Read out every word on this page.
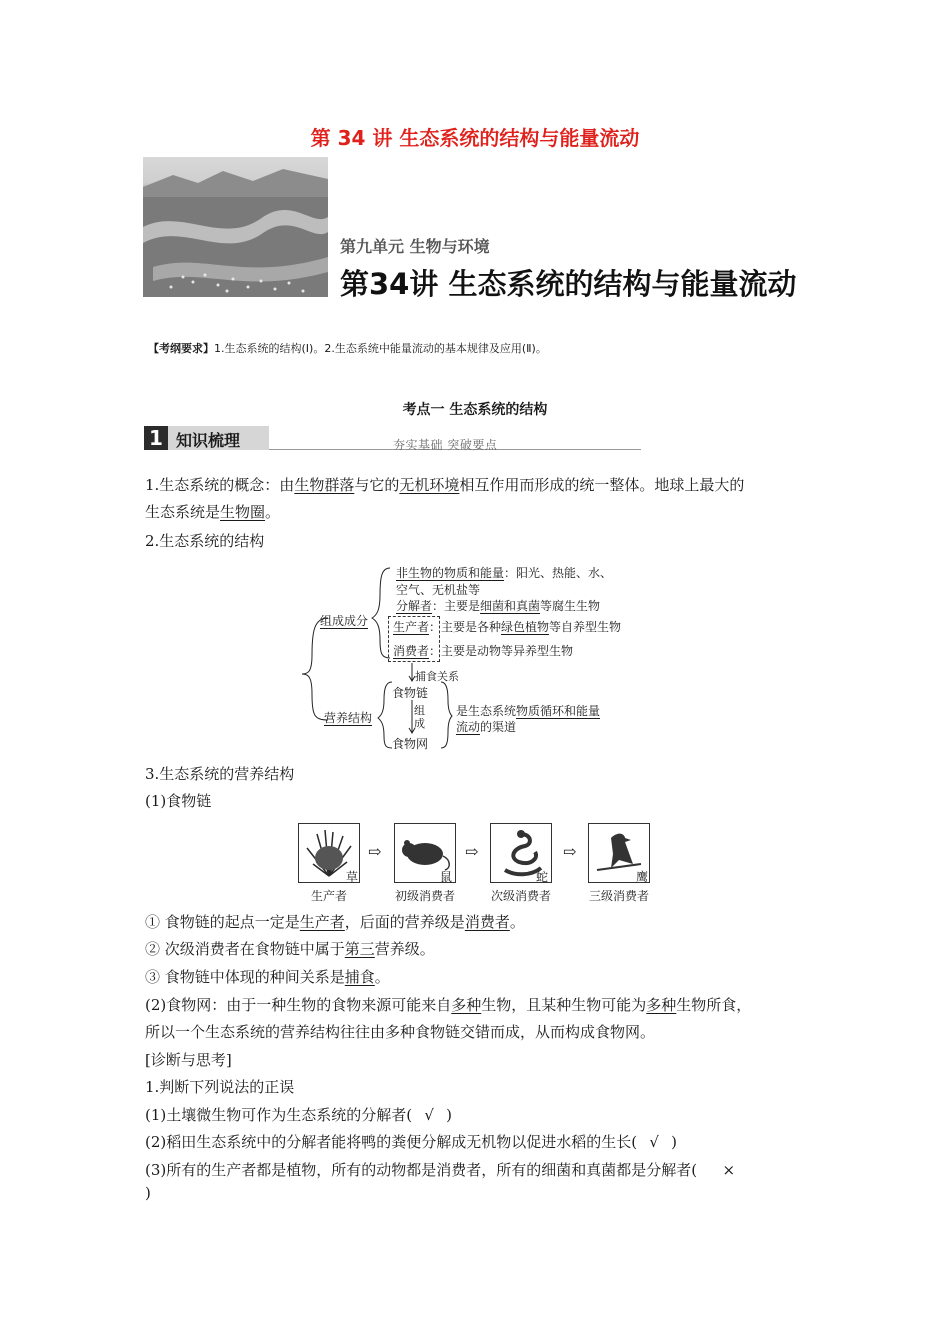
第 34 讲 生态系统的结构与能量流动
第九单元 生物与环境
第34讲 生态系统的结构与能量流动
【考纲要求】1.生态系统的结构(Ⅰ)。2.生态系统中能量流动的基本规律及应用(Ⅱ)。
考点一 生态系统的结构
1 知识梳理	夯实基础 突破要点
1.生态系统的概念：由生物群落与它的无机环境相互作用而形成的统一整体。地球上最大的
生态系统是生物圈。
2.生态系统的结构
组成成分
非生物的物质和能量：阳光、热能、水、
空气、无机盐等
分解者：主要是细菌和真菌等腐生生物
生产者：主要是各种绿色植物等自养型生物
消费者：主要是动物等异养型生物
捕食关系
营养结构
食物链
组
成
食物网
是生态系统物质循环和能量
流动的渠道
3.生态系统的营养结构
(1)食物链
草
生产者
⇨
鼠
初级消费者
⇨
蛇
次级消费者
⇨
鹰
三级消费者
① 食物链的起点一定是生产者，后面的营养级是消费者。
② 次级消费者在食物链中属于第三营养级。
③ 食物链中体现的种间关系是捕食。
(2)食物网：由于一种生物的食物来源可能来自多种生物，且某种生物可能为多种生物所食，
所以一个生态系统的营养结构往往由多种食物链交错而成，从而构成食物网。
[诊断与思考]
1.判断下列说法的正误
(1)土壤微生物可作为生态系统的分解者( √ )
(2)稻田生态系统中的分解者能将鸭的粪便分解成无机物以促进水稻的生长( √ )
(3)所有的生产者都是植物，所有的动物都是消费者，所有的细菌和真菌都是分解者( ×
)
